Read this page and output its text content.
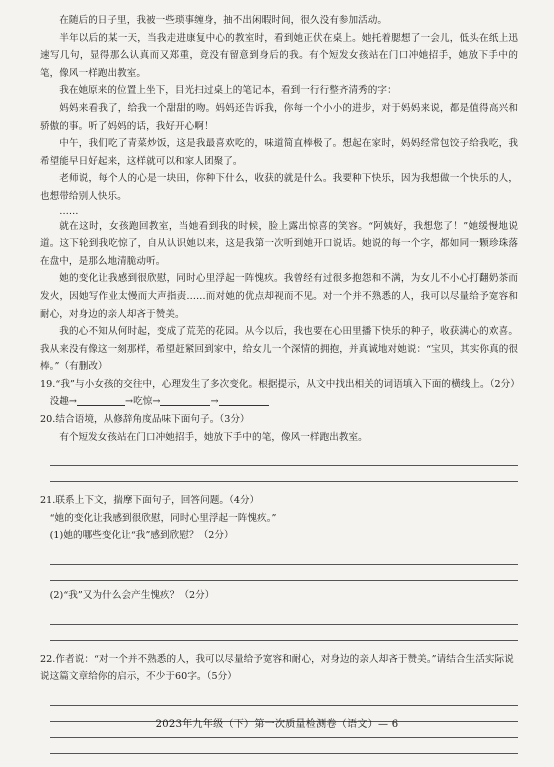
在随后的日子里，我被一些琐事缠身，抽不出闲暇时间，很久没有参加活动。

半年以后的某一天，当我走进康复中心的教室时，看到她正伏在桌上。她托着腮想了一会儿，低头在纸上迅速写几句，显得那么认真而又郑重，竟没有留意到身后的我。有个短发女孩站在门口冲她招手，她放下手中的笔，像风一样跑出教室。

我在她原来的位置上坐下，目光扫过桌上的笔记本，看到一行行整齐清秀的字：

妈妈来看我了，给我一个甜甜的吻。妈妈还告诉我，你每一个小小的进步，对于妈妈来说，都是值得高兴和骄傲的事。听了妈妈的话，我好开心啊！

中午，我们吃了青菜炒饭，这是我最喜欢吃的，味道简直棒极了。想起在家时，妈妈经常包饺子给我吃，我希望能早日好起来，这样就可以和家人团聚了。

老师说，每个人的心是一块田，你种下什么，收获的就是什么。我要种下快乐，因为我想做一个快乐的人，也想带给别人快乐。

……

就在这时，女孩跑回教室，当她看到我的时候，脸上露出惊喜的笑容。“阿姨好，我想您了！”她缓慢地说道。这下轮到我吃惊了，自从认识她以来，这是我第一次听到她开口说话。她说的每一个字，都如同一颗珍珠落在盘中，是那么地清脆动听。

她的变化让我感到很欣慰，同时心里浮起一阵愧疚。我曾经有过很多抱怨和不满，为女儿不小心打翻奶茶而发火，因她写作业太慢而大声指责……而对她的优点却视而不见。对一个并不熟悉的人，我可以尽量给予宽容和耐心，对身边的亲人却吝于赞美。

我的心不知从何时起，变成了荒芜的花园。从今以后，我也要在心田里播下快乐的种子，收获满心的欢喜。我从来没有像这一刻那样，希望赶紧回到家中，给女儿一个深情的拥抱，并真诚地对她说：“宝贝，其实你真的很棒。”（有删改）

19.“我”与小女孩的交往中，心理发生了多次变化。根据提示，从文中找出相关的词语填入下面的横线上。（2分）

没趣→	→吃惊→	→

20.结合语境，从修辞角度品味下面句子。（3分）

有个短发女孩站在门口冲她招手，她放下手中的笔，像风一样跑出教室。

21.联系上下文，揣摩下面句子，回答问题。（4分）

“她的变化让我感到很欣慰，同时心里浮起一阵愧疚。”

(1)她的哪些变化让“我”感到欣慰？（2分）

(2)“我”又为什么会产生愧疚？（2分）

22.作者说：“对一个并不熟悉的人，我可以尽量给予宽容和耐心，对身边的亲人却吝于赞美。”请结合生活实际说说这篇文章给你的启示，不少于60字。（5分）

2023年九年级（下）第一次质量检测卷（语文）— 6
